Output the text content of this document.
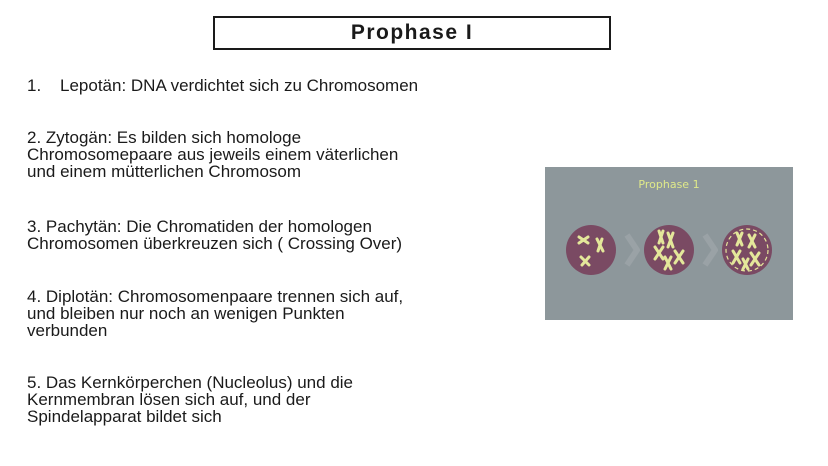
Prophase I
1. Lepotän: DNA verdichtet sich zu Chromosomen
2. Zytogän: Es bilden sich homologe
Chromosomepaare aus jeweils einem väterlichen
und einem mütterlichen Chromosom
3. Pachytän: Die Chromatiden der homologen
Chromosomen überkreuzen sich ( Crossing Over)
4. Diplotän: Chromosomenpaare trennen sich auf,
und bleiben nur noch an wenigen Punkten
verbunden
5. Das Kernkörperchen (Nucleolus) und die
Kernmembran lösen sich auf, und der
Spindelapparat bildet sich
Prophase 1
